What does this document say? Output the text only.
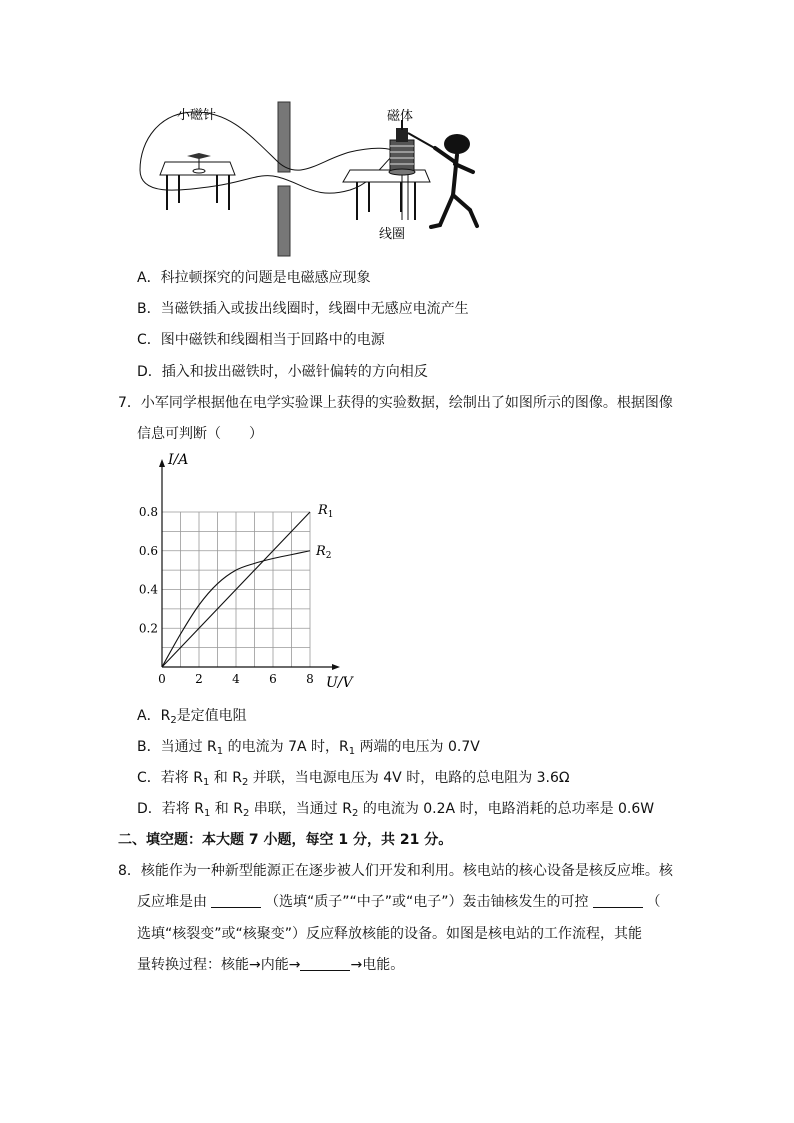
小磁针	磁体
线圈
A．科拉顿探究的问题是电磁感应现象
B．当磁铁插入或拔出线圈时，线圈中无感应电流产生
C．图中磁铁和线圈相当于回路中的电源
D．插入和拔出磁铁时，小磁针偏转的方向相反
7．小军同学根据他在电学实验课上获得的实验数据，绘制出了如图所示的图像。根据图像
信息可判断（　　）
0 2 4 6 8
0.2
0.4
0.6
0.8	$R_1$
$R_2$
I/A
U/V
A．$R_2$是定值电阻
B．当通过 $R_1$ 的电流为 7A 时，$R_1$ 两端的电压为 0.7V
C．若将 $R_1$ 和 $R_2$ 并联，当电源电压为 4V 时，电路的总电阻为 3.6Ω
D．若将 $R_1$ 和 $R_2$ 串联，当通过 $R_2$ 的电流为 0.2A 时，电路消耗的总功率是 0.6W
二、填空题：本大题 7 小题，每空 1 分，共 21 分。
8．核能作为一种新型能源正在逐步被人们开发和利用。核电站的核心设备是核反应堆。核
反应堆是由	（选填“质子”“中子”或“电子”）轰击铀核发生的可控	（
选填“核裂变”或“核聚变”）反应释放核能的设备。如图是核电站的工作流程，其能
量转换过程：核能→内能→	→电能。
